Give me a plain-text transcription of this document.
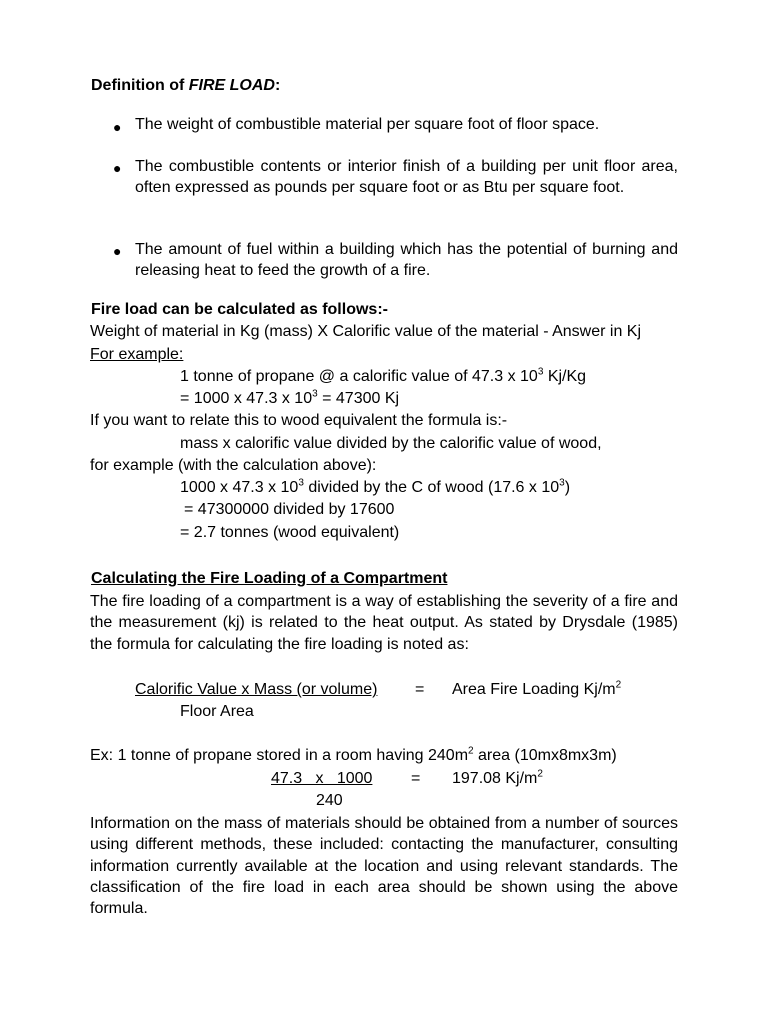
Definition of FIRE LOAD:
● The weight of combustible material per square foot of floor space.
● The combustible contents or interior finish of a building per unit floor area, often expressed as pounds per square foot or as Btu per square foot.
● The amount of fuel within a building which has the potential of burning and releasing heat to feed the growth of a fire.
Fire load can be calculated as follows:-
Weight of material in Kg (mass) X Calorific value of the material - Answer in Kj
For example:
1 tonne of propane @ a calorific value of 47.3 x $10^3$ Kj/Kg
= 1000 x 47.3 x $10^3 = 47300$ Kj
If you want to relate this to wood equivalent the formula is:-
mass x calorific value divided by the calorific value of wood,
for example (with the calculation above):
1000 x 47.3 x $10^3$ divided by the C of wood (17.6 x $10^3$)
= 47300000 divided by 17600
= 2.7 tonnes (wood equivalent)
Calculating the Fire Loading of a Compartment
The fire loading of a compartment is a way of establishing the severity of a fire and the measurement (kj) is related to the heat output. As stated by Drysdale (1985) the formula for calculating the fire loading is noted as:
Calorific Value x Mass (or volume) = Area Fire Loading $Kj/m^2$
Floor Area
Ex: 1 tonne of propane stored in a room having $240m^2$ area (10mx8mx3m)
47.3   x   1000 = 197.08 $Kj/m^2$
240
Information on the mass of materials should be obtained from a number of sources using different methods, these included: contacting the manufacturer, consulting information currently available at the location and using relevant standards. The classification of the fire load in each area should be shown using the above formula.
